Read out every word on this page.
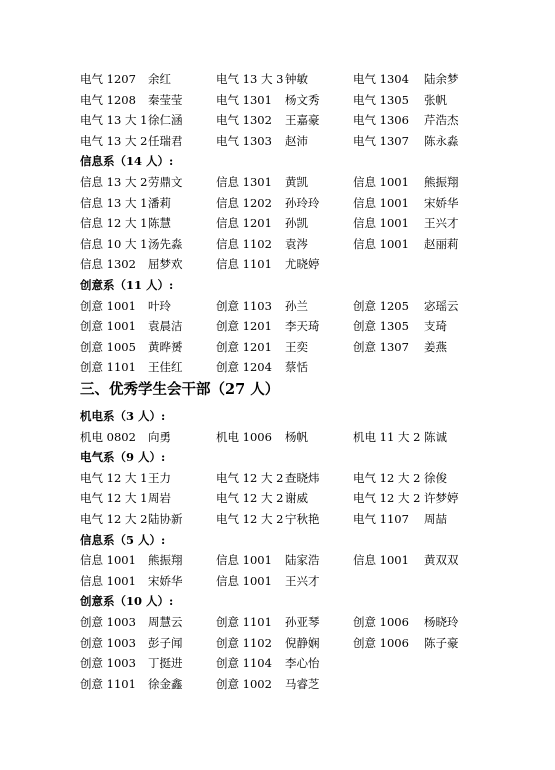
电气 1207 余红	电气 13 大 3 钟敏	电气 1304 陆余梦
电气 1208 秦莹莹	电气 1301 杨文秀	电气 1305 张帆
电气 13 大 1 徐仁涵	电气 1302 王嘉豪	电气 1306 芹浩杰
电气 13 大 2 任瑞君	电气 1303 赵沛	电气 1307 陈永淼
信息系（14 人）:
信息 13 大 2 劳鼎文	信息 1301 黄凯	信息 1001 熊振翔
信息 13 大 1 潘莉	信息 1202 孙玲玲	信息 1001 宋娇华
信息 12 大 1 陈慧	信息 1201 孙凯	信息 1001 王兴才
信息 10 大 1 汤先淼	信息 1102 袁涔	信息 1001 赵丽莉
信息 1302 屈梦欢	信息 1101 尤晓婷
创意系（11 人）:
创意 1001 叶玲	创意 1103 孙兰	创意 1205 宓瑶云
创意 1001 袁晨洁	创意 1201 李天琦	创意 1305 支琦
创意 1005 黄晔赟	创意 1201 王奕	创意 1307 姜燕
创意 1101 王佳红	创意 1204 蔡恬
三、优秀学生会干部（27 人）
机电系（3 人）:
机电 0802 向勇	机电 1006 杨帆	机电 11 大 2 陈诚
电气系（9 人）:
电气 12 大 1 王力	电气 12 大 2 查晓炜	电气 12 大 2 徐俊
电气 12 大 1 周岩	电气 12 大 2 谢威	电气 12 大 2 许梦婷
电气 12 大 2 陆协新	电气 12 大 2 宁秋艳	电气 1107 周喆
信息系（5 人）:
信息 1001 熊振翔	信息 1001 陆家浩	信息 1001 黄双双
信息 1001 宋娇华	信息 1001 王兴才
创意系（10 人）:
创意 1003 周慧云	创意 1101 孙亚琴	创意 1006 杨晓玲
创意 1003 彭子闻	创意 1102 倪静娴	创意 1006 陈子豪
创意 1003 丁挺进	创意 1104 李心怡
创意 1101 徐金鑫	创意 1002 马睿芝
